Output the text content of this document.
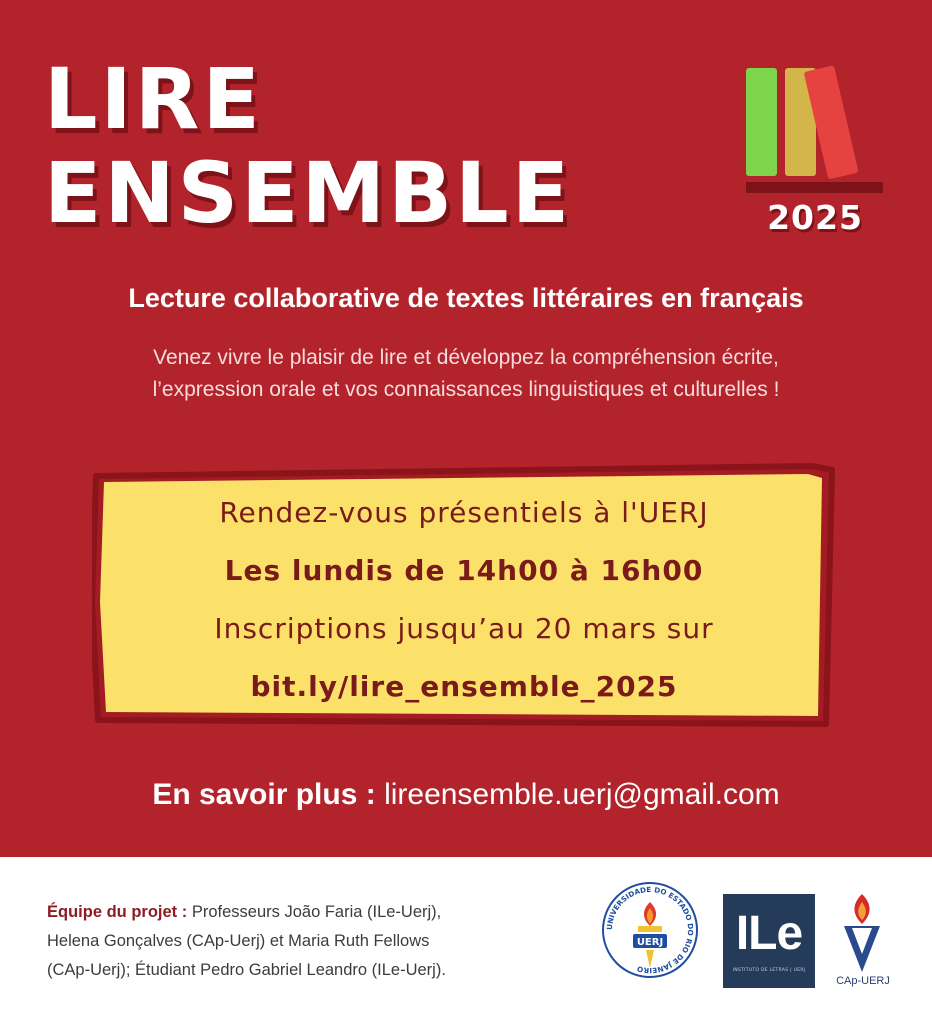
LIRE
ENSEMBLE	2025
Lecture collaborative de textes littéraires en français
Venez vivre le plaisir de lire et développez la compréhension écrite,
l’expression orale et vos connaissances linguistiques et culturelles !
Rendez-vous présentiels à l'UERJ
Les lundis de 14h00 à 16h00
Inscriptions jusqu’au 20 mars sur
bit.ly/lire_ensemble_2025
En savoir plus : lireensemble.uerj@gmail.com
Équipe du projet : Professeurs João Faria (ILe-Uerj),
Helena Gonçalves (CAp-Uerj) et Maria Ruth Fellows
(CAp-Uerj); Étudiant Pedro Gabriel Leandro (ILe-Uerj).
UNIVERSIDADE DO ESTADO DO RIO DE JANEIRO
UERJ ILe
INSTITUTO DE LETRAS | UERJ
CAp-UERJ
